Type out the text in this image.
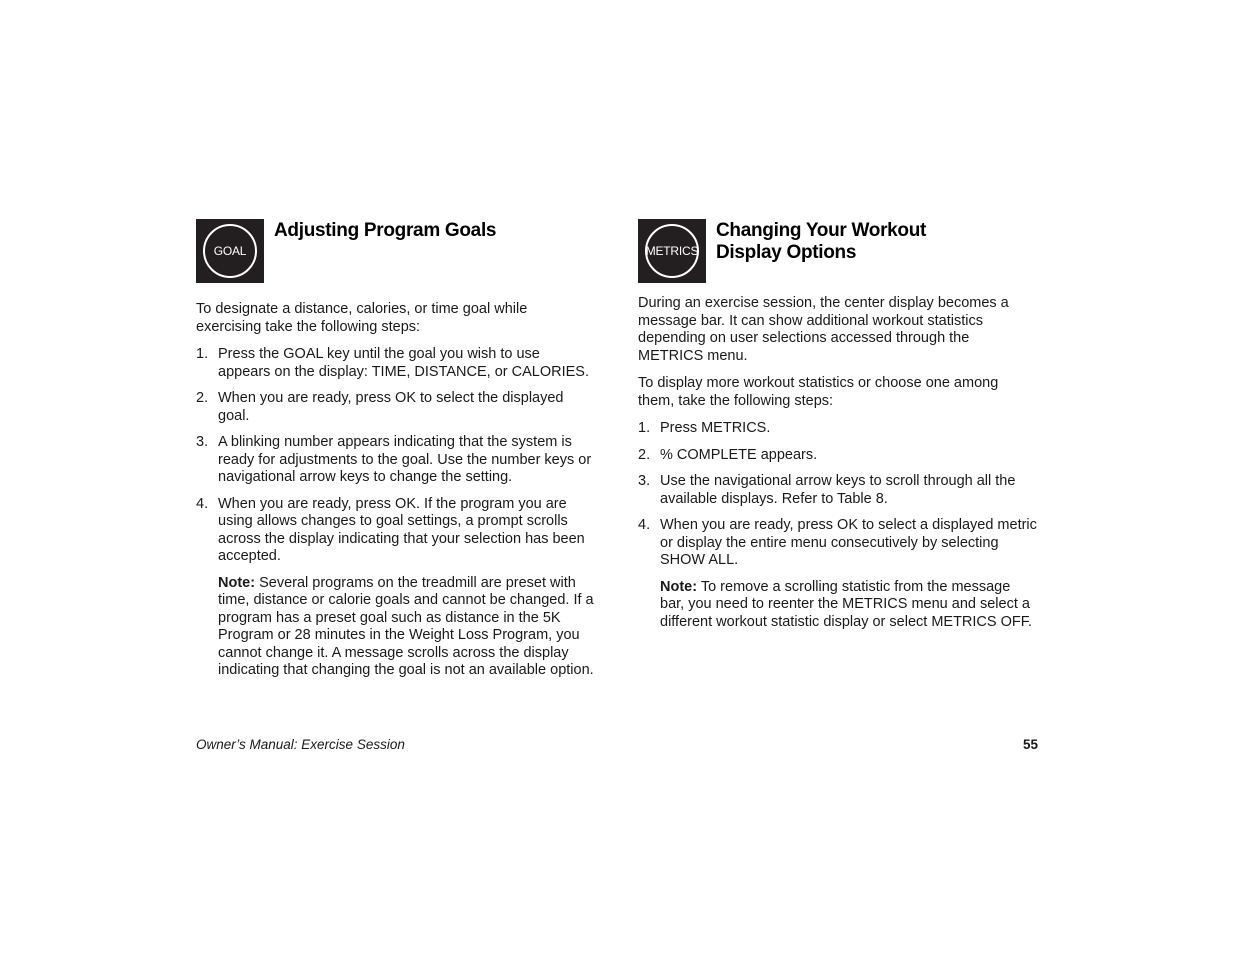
GOAL
Adjusting Program Goals

To designate a distance, calories, or time goal while exercising take the following steps:

1. Press the GOAL key until the goal you wish to use appears on the display: TIME, DISTANCE, or CALORIES.
2. When you are ready, press OK to select the displayed goal.
3. A blinking number appears indicating that the system is ready for adjustments to the goal. Use the number keys or navigational arrow keys to change the setting.
4. When you are ready, press OK. If the program you are using allows changes to goal settings, a prompt scrolls across the display indicating that your selection has been accepted.

Note: Several programs on the treadmill are preset with time, distance or calorie goals and cannot be changed. If a program has a preset goal such as distance in the 5K Program or 28 minutes in the Weight Loss Program, you cannot change it. A message scrolls across the display indicating that changing the goal is not an available option.

METRICS
Changing Your Workout
Display Options

During an exercise session, the center display becomes a message bar. It can show additional workout statistics depending on user selections accessed through the METRICS menu.

To display more workout statistics or choose one among them, take the following steps:

1. Press METRICS.
2. % COMPLETE appears.
3. Use the navigational arrow keys to scroll through all the available displays. Refer to Table 8.
4. When you are ready, press OK to select a displayed metric or display the entire menu consecutively by selecting SHOW ALL.

Note: To remove a scrolling statistic from the message bar, you need to reenter the METRICS menu and select a different workout statistic display or select METRICS OFF.

Owner’s Manual: Exercise Session	55
